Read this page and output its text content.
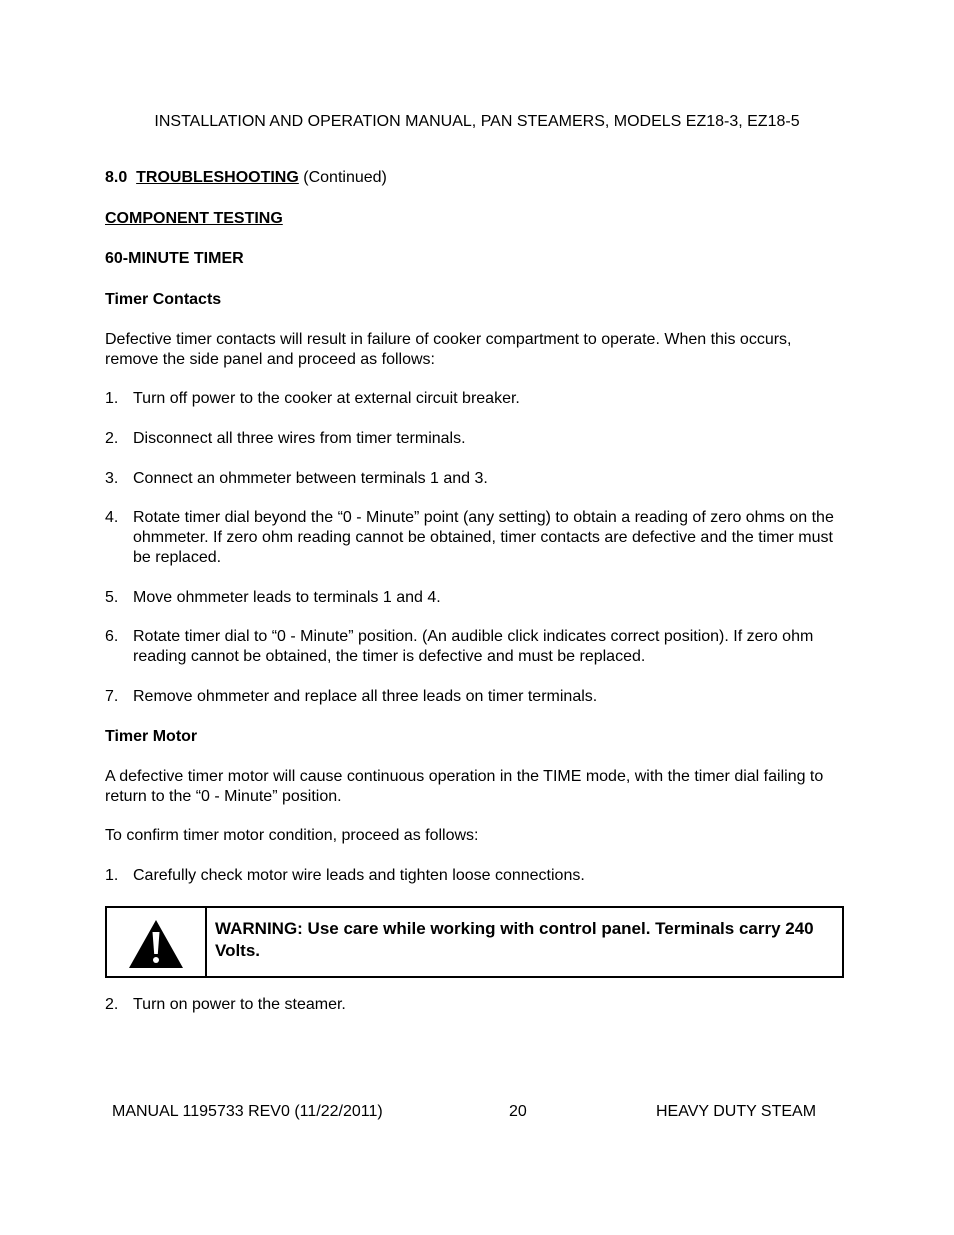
INSTALLATION AND OPERATION MANUAL, PAN STEAMERS, MODELS EZ18-3, EZ18-5
8.0 TROUBLESHOOTING (Continued)
COMPONENT TESTING
60-MINUTE TIMER
Timer Contacts
Defective timer contacts will result in failure of cooker compartment to operate. When this occurs, remove the side panel and proceed as follows:
1. Turn off power to the cooker at external circuit breaker.
2. Disconnect all three wires from timer terminals.
3. Connect an ohmmeter between terminals 1 and 3.
4. Rotate timer dial beyond the “0 - Minute” point (any setting) to obtain a reading of zero ohms on the ohmmeter. If zero ohm reading cannot be obtained, timer contacts are defective and the timer must be replaced.
5. Move ohmmeter leads to terminals 1 and 4.
6. Rotate timer dial to “0 - Minute” position. (An audible click indicates correct position). If zero ohm reading cannot be obtained, the timer is defective and must be replaced.
7. Remove ohmmeter and replace all three leads on timer terminals.
Timer Motor
A defective timer motor will cause continuous operation in the TIME mode, with the timer dial failing to return to the “0 - Minute” position.
To confirm timer motor condition, proceed as follows:
1. Carefully check motor wire leads and tighten loose connections.
WARNING: Use care while working with control panel. Terminals carry 240 Volts.
2. Turn on power to the steamer.
MANUAL 1195733 REV0 (11/22/2011)	20	HEAVY DUTY STEAM
